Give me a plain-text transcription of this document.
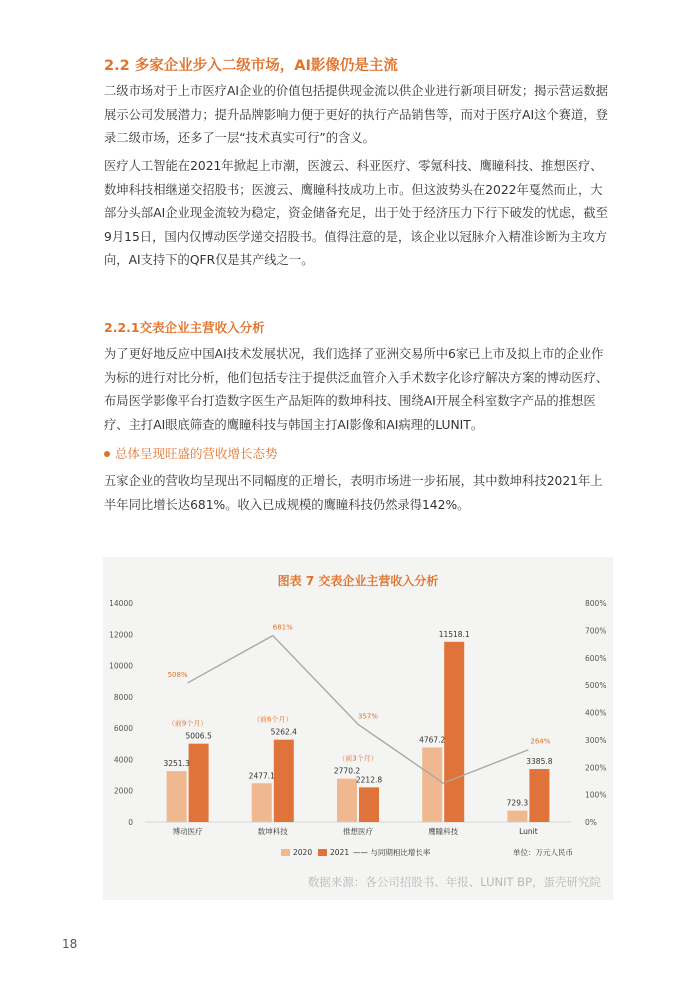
2.2 多家企业步入二级市场，AI影像仍是主流

二级市场对于上市医疗AI企业的价值包括提供现金流以供企业进行新项目研发；揭示营运数据展示公司发展潜力；提升品牌影响力便于更好的执行产品销售等，而对于医疗AI这个赛道，登录二级市场，还多了一层“技术真实可行”的含义。

医疗人工智能在2021年掀起上市潮，医渡云、科亚医疗、零氪科技、鹰瞳科技、推想医疗、数坤科技相继递交招股书；医渡云、鹰瞳科技成功上市。但这波势头在2022年戛然而止，大部分头部AI企业现金流较为稳定，资金储备充足，出于处于经济压力下行下破发的忧虑，截至9月15日，国内仅博动医学递交招股书。值得注意的是，该企业以冠脉介入精准诊断为主攻方向，AI支持下的QFR仅是其产线之一。

2.2.1交表企业主营收入分析

为了更好地反应中国AI技术发展状况，我们选择了亚洲交易所中6家已上市及拟上市的企业作为标的进行对比分析，他们包括专注于提供泛血管介入手术数字化诊疗解决方案的博动医疗、布局医学影像平台打造数字医生产品矩阵的数坤科技、围绕AI开展全科室数字产品的推想医疗、主打AI眼底筛查的鹰瞳科技与韩国主打AI影像和AI病理的LUNIT。

总体呈现旺盛的营收增长态势

五家企业的营收均呈现出不同幅度的正增长，表明市场进一步拓展，其中数坤科技2021年上半年同比增长达681%。收入已成规模的鹰瞳科技仍然录得142%。

图表 7 交表企业主营收入分析
0
2000
4000
6000
8000
10000
12000
14000
0%
100%
200%
300%
400%
500%
600%
700%
800%
3251.3
5006.5
博动医疗
2477.1
5262.4
数坤科技
2770.2
2212.8
推想医疗
4767.2
11518.1
鹰瞳科技
729.3
3385.8
Lunit
（前9个月）
（前6个月）
（前3个月）
508%
681%
357%
142%
264%
2020 2021 —— 与同期相比增长率	单位：万元人民币
数据来源：各公司招股书、年报、LUNIT BP，蛋壳研究院
18
